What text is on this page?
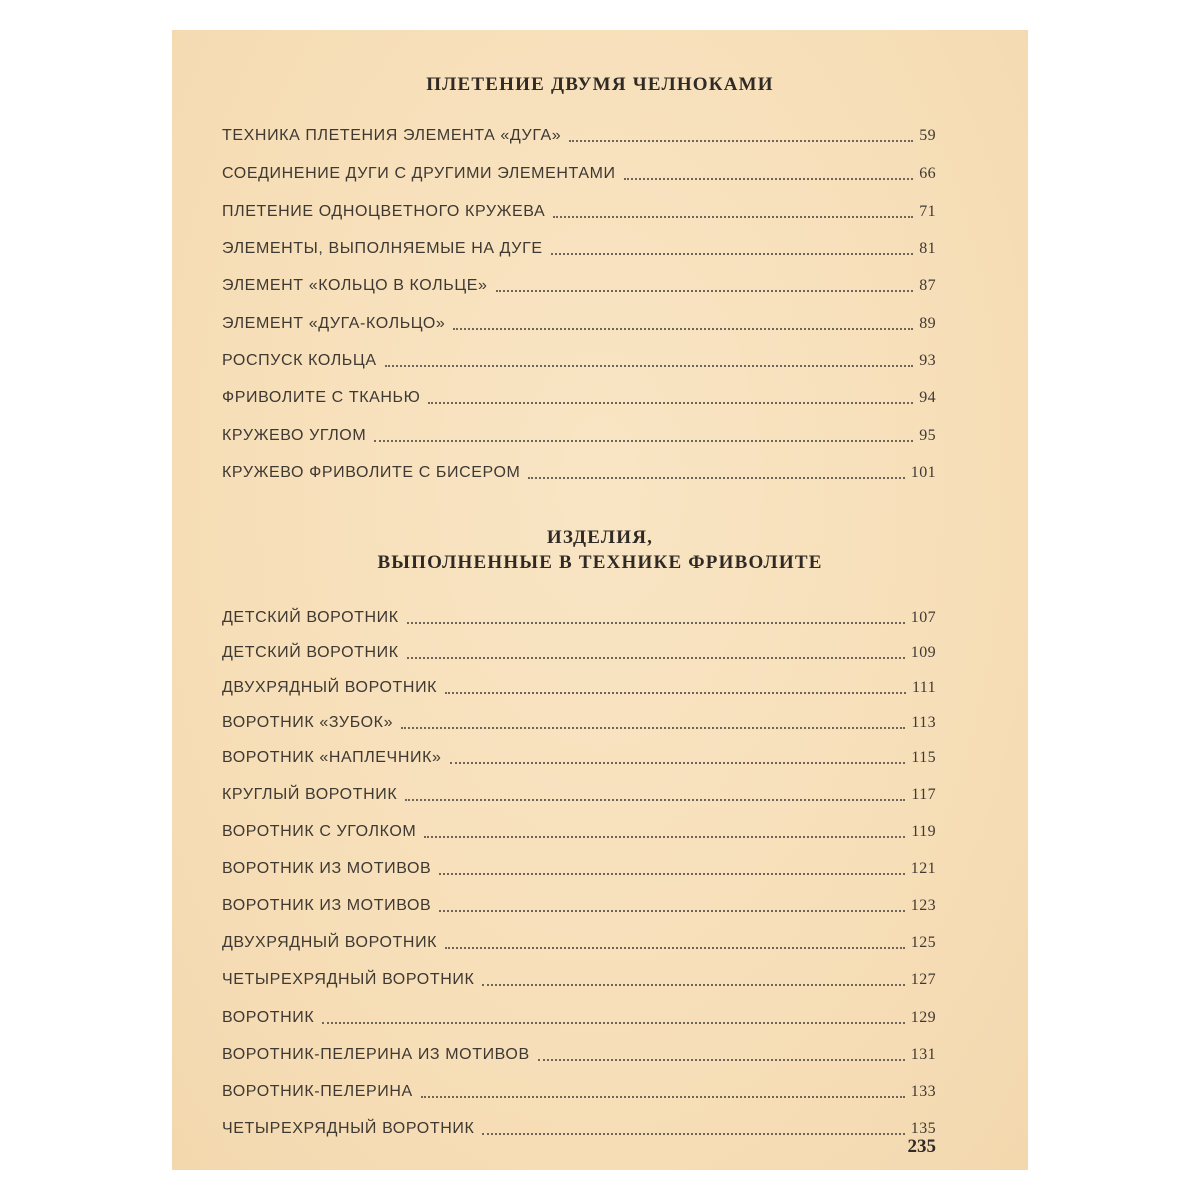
ПЛЕТЕНИЕ ДВУМЯ ЧЕЛНОКАМИ
ТЕХНИКА ПЛЕТЕНИЯ ЭЛЕМЕНТА «ДУГА»	59
СОЕДИНЕНИЕ ДУГИ С ДРУГИМИ ЭЛЕМЕНТАМИ	66
ПЛЕТЕНИЕ ОДНОЦВЕТНОГО КРУЖЕВА	71
ЭЛЕМЕНТЫ, ВЫПОЛНЯЕМЫЕ НА ДУГЕ	81
ЭЛЕМЕНТ «КОЛЬЦО В КОЛЬЦЕ»	87
ЭЛЕМЕНТ «ДУГА-КОЛЬЦО»	89
РОСПУСК КОЛЬЦА	93
ФРИВОЛИТЕ С ТКАНЬЮ	94
КРУЖЕВО УГЛОМ	95
КРУЖЕВО ФРИВОЛИТЕ С БИСЕРОМ	101
ИЗДЕЛИЯ,
ВЫПОЛНЕННЫЕ В ТЕХНИКЕ ФРИВОЛИТЕ
ДЕТСКИЙ ВОРОТНИК	107
ДЕТСКИЙ ВОРОТНИК	109
ДВУХРЯДНЫЙ ВОРОТНИК	111
ВОРОТНИК «ЗУБОК»	113
ВОРОТНИК «НАПЛЕЧНИК»	115
КРУГЛЫЙ ВОРОТНИК	117
ВОРОТНИК С УГОЛКОМ	119
ВОРОТНИК ИЗ МОТИВОВ	121
ВОРОТНИК ИЗ МОТИВОВ	123
ДВУХРЯДНЫЙ ВОРОТНИК	125
ЧЕТЫРЕХРЯДНЫЙ ВОРОТНИК	127
ВОРОТНИК	129
ВОРОТНИК-ПЕЛЕРИНА ИЗ МОТИВОВ	131
ВОРОТНИК-ПЕЛЕРИНА	133
ЧЕТЫРЕХРЯДНЫЙ ВОРОТНИК	135
235
